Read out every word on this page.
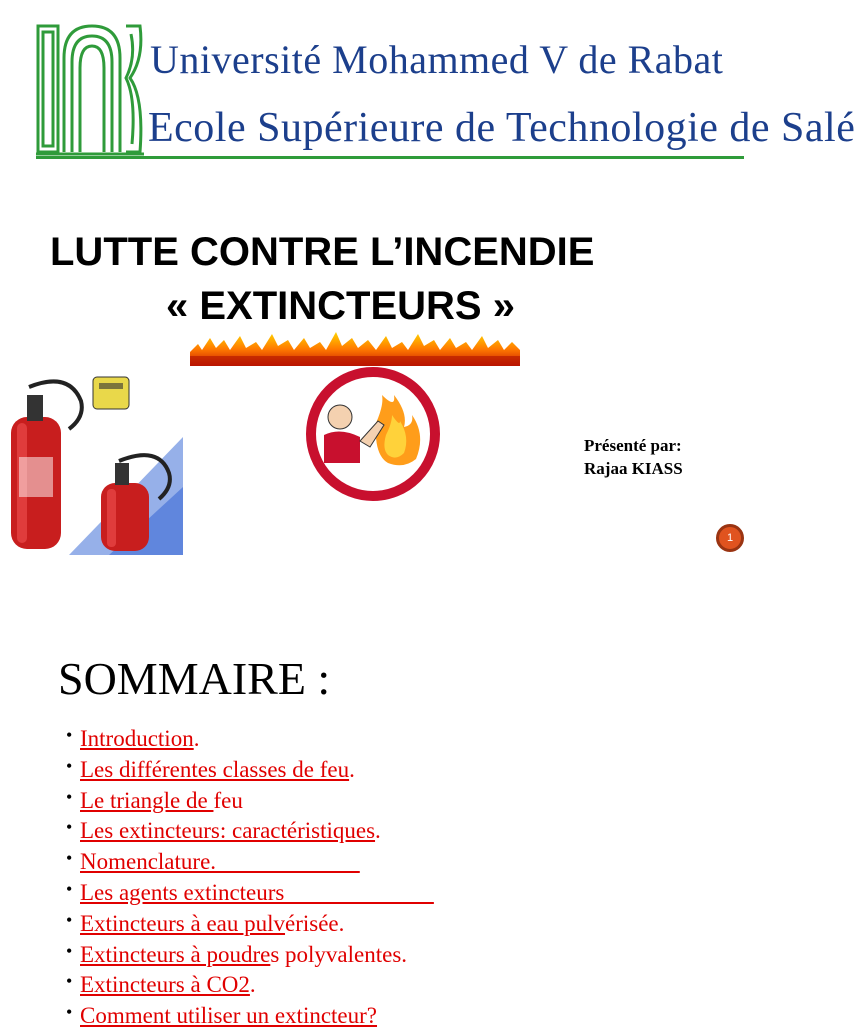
Université Mohammed V de Rabat
Ecole Supérieure de Technologie de Salé
LUTTE CONTRE L’INCENDIE
« EXTINCTEURS »
Présenté par:
Rajaa KIASS
1
SOMMAIRE :
• Introduction.
• Les différentes classes de feu.
• Le triangle de feu
• Les extincteurs: caractéristiques.
• Nomenclature.
• Les agents extincteurs
• Extincteurs à eau pulvérisée.
• Extincteurs à poudres polyvalentes.
• Extincteurs à CO2.
• Comment utiliser un extincteur?
